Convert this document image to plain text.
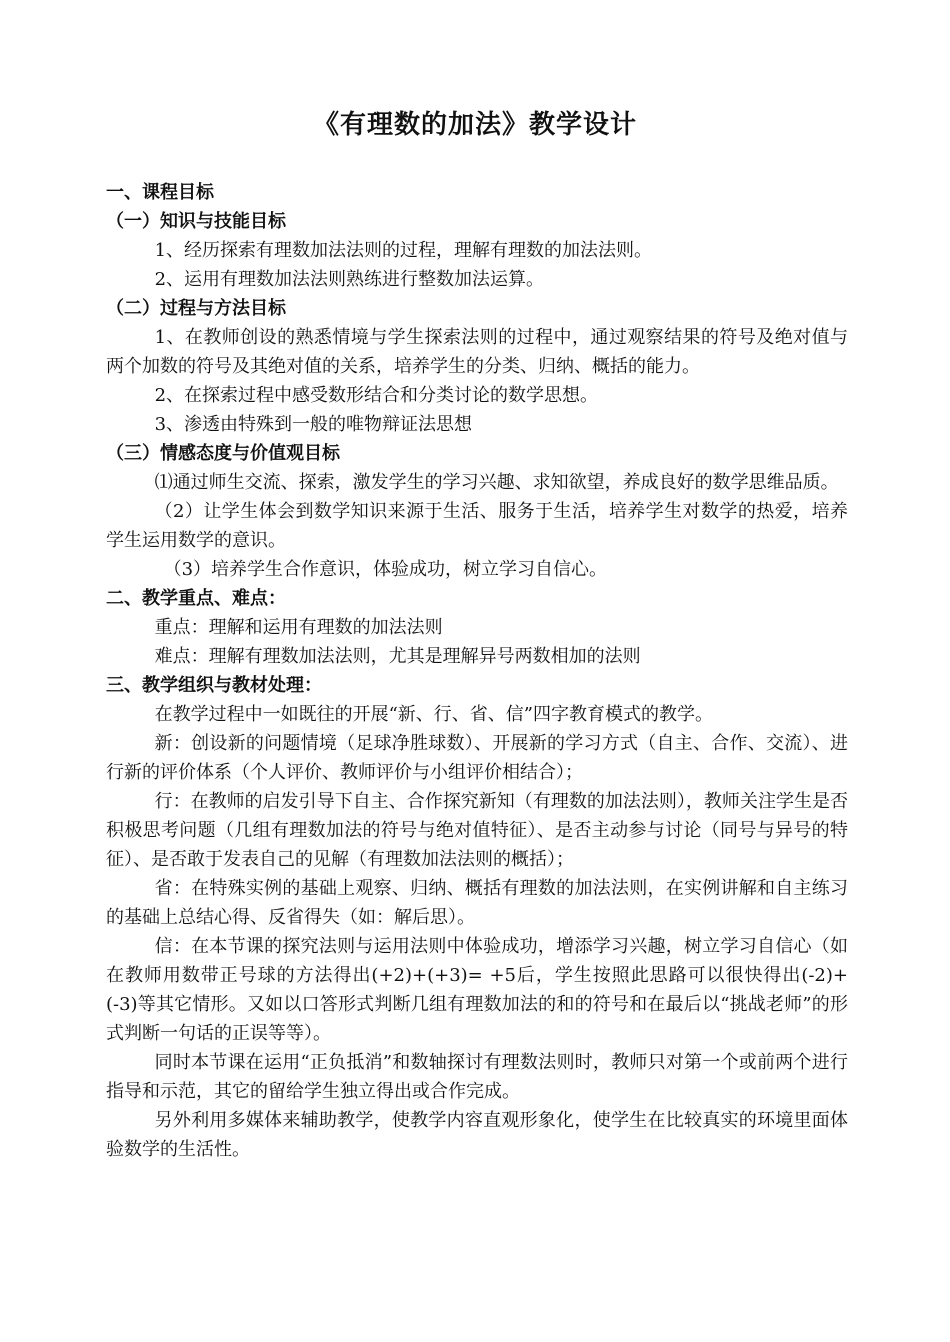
《有理数的加法》教学设计
一、课程目标
（一）知识与技能目标

1、经历探索有理数加法法则的过程，理解有理数的加法法则。

2、运用有理数加法法则熟练进行整数加法运算。

（二）过程与方法目标

1、在教师创设的熟悉情境与学生探索法则的过程中，通过观察结果的符号及绝对值与两个加数的符号及其绝对值的关系，培养学生的分类、归纳、概括的能力。

2、在探索过程中感受数形结合和分类讨论的数学思想。

3、渗透由特殊到一般的唯物辩证法思想

（三）情感态度与价值观目标

⑴通过师生交流、探索，激发学生的学习兴趣、求知欲望，养成良好的数学思维品质。

（2）让学生体会到数学知识来源于生活、服务于生活，培养学生对数学的热爱，培养学生运用数学的意识。

（3）培养学生合作意识，体验成功，树立学习自信心。

二、教学重点、难点：

重点：理解和运用有理数的加法法则

难点：理解有理数加法法则，尤其是理解异号两数相加的法则

三、教学组织与教材处理：

在教学过程中一如既往的开展“新、行、省、信”四字教育模式的教学。

新：创设新的问题情境（足球净胜球数）、开展新的学习方式（自主、合作、交流）、进行新的评价体系（个人评价、教师评价与小组评价相结合）；

行：在教师的启发引导下自主、合作探究新知（有理数的加法法则），教师关注学生是否积极思考问题（几组有理数加法的符号与绝对值特征）、是否主动参与讨论（同号与异号的特征）、是否敢于发表自己的见解（有理数加法法则的概括）；

省：在特殊实例的基础上观察、归纳、概括有理数的加法法则，在实例讲解和自主练习的基础上总结心得、反省得失（如：解后思）。

信：在本节课的探究法则与运用法则中体验成功，增添学习兴趣，树立学习自信心（如在教师用数带正号球的方法得出(+2)+(+3)= +5后，学生按照此思路可以很快得出(-2)+(-3)等其它情形。又如以口答形式判断几组有理数加法的和的符号和在最后以“挑战老师”的形式判断一句话的正误等等）。

同时本节课在运用“正负抵消”和数轴探讨有理数法则时，教师只对第一个或前两个进行指导和示范，其它的留给学生独立得出或合作完成。

另外利用多媒体来辅助教学，使教学内容直观形象化，使学生在比较真实的环境里面体验数学的生活性。
